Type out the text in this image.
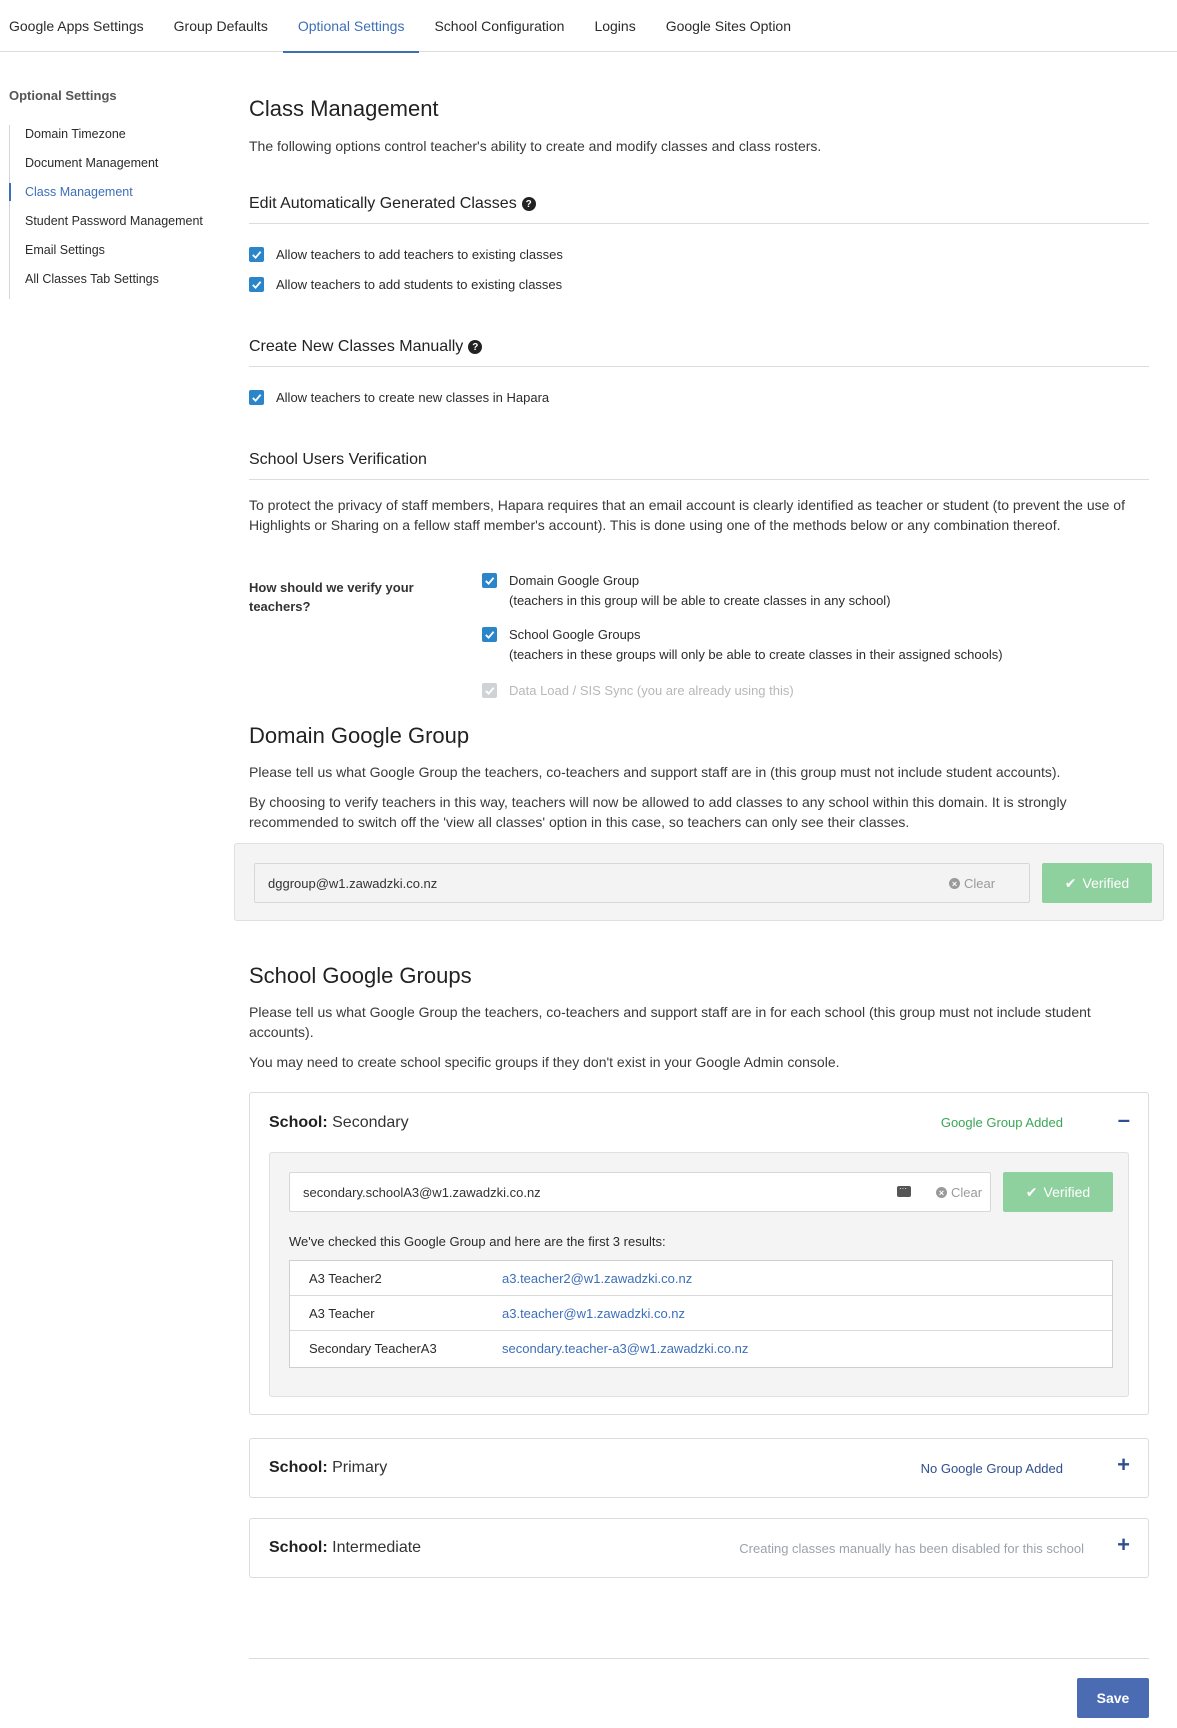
Google Apps Settings	Group Defaults	Optional Settings	School Configuration	Logins	Google Sites Option
Optional Settings
Domain Timezone
Document Management
Class Management
Student Password Management
Email Settings
All Classes Tab Settings
Class Management
The following options control teacher's ability to create and modify classes and class rosters.
Edit Automatically Generated Classes ?
Allow teachers to add teachers to existing classes
Allow teachers to add students to existing classes
Create New Classes Manually ?
Allow teachers to create new classes in Hapara
School Users Verification
To protect the privacy of staff members, Hapara requires that an email account is clearly identified as teacher or student (to prevent the use of Highlights or Sharing on a fellow staff member's account). This is done using one of the methods below or any combination thereof.
How should we verify your teachers?
Domain Google Group
(teachers in this group will be able to create classes in any school)
School Google Groups
(teachers in these groups will only be able to create classes in their assigned schools)
Data Load / SIS Sync (you are already using this)
Domain Google Group
Please tell us what Google Group the teachers, co-teachers and support staff are in (this group must not include student accounts).
By choosing to verify teachers in this way, teachers will now be allowed to add classes to any school within this domain. It is strongly recommended to switch off the 'view all classes' option in this case, so teachers can only see their classes.
dggroup@w1.zawadzki.co.nz	× Clear	✔ Verified
School Google Groups
Please tell us what Google Group the teachers, co-teachers and support staff are in for each school (this group must not include student accounts).
You may need to create school specific groups if they don't exist in your Google Admin console.
School: Secondary	Google Group Added –
secondary.schoolA3@w1.zawadzki.co.nz
···	× Clear	✔ Verified
We've checked this Google Group and here are the first 3 results:
A3 Teacher2	a3.teacher2@w1.zawadzki.co.nz
A3 Teacher	a3.teacher@w1.zawadzki.co.nz
Secondary TeacherA3	secondary.teacher-a3@w1.zawadzki.co.nz
School: Primary	No Google Group Added +
School: Intermediate	Creating classes manually has been disabled for this school +
Save
